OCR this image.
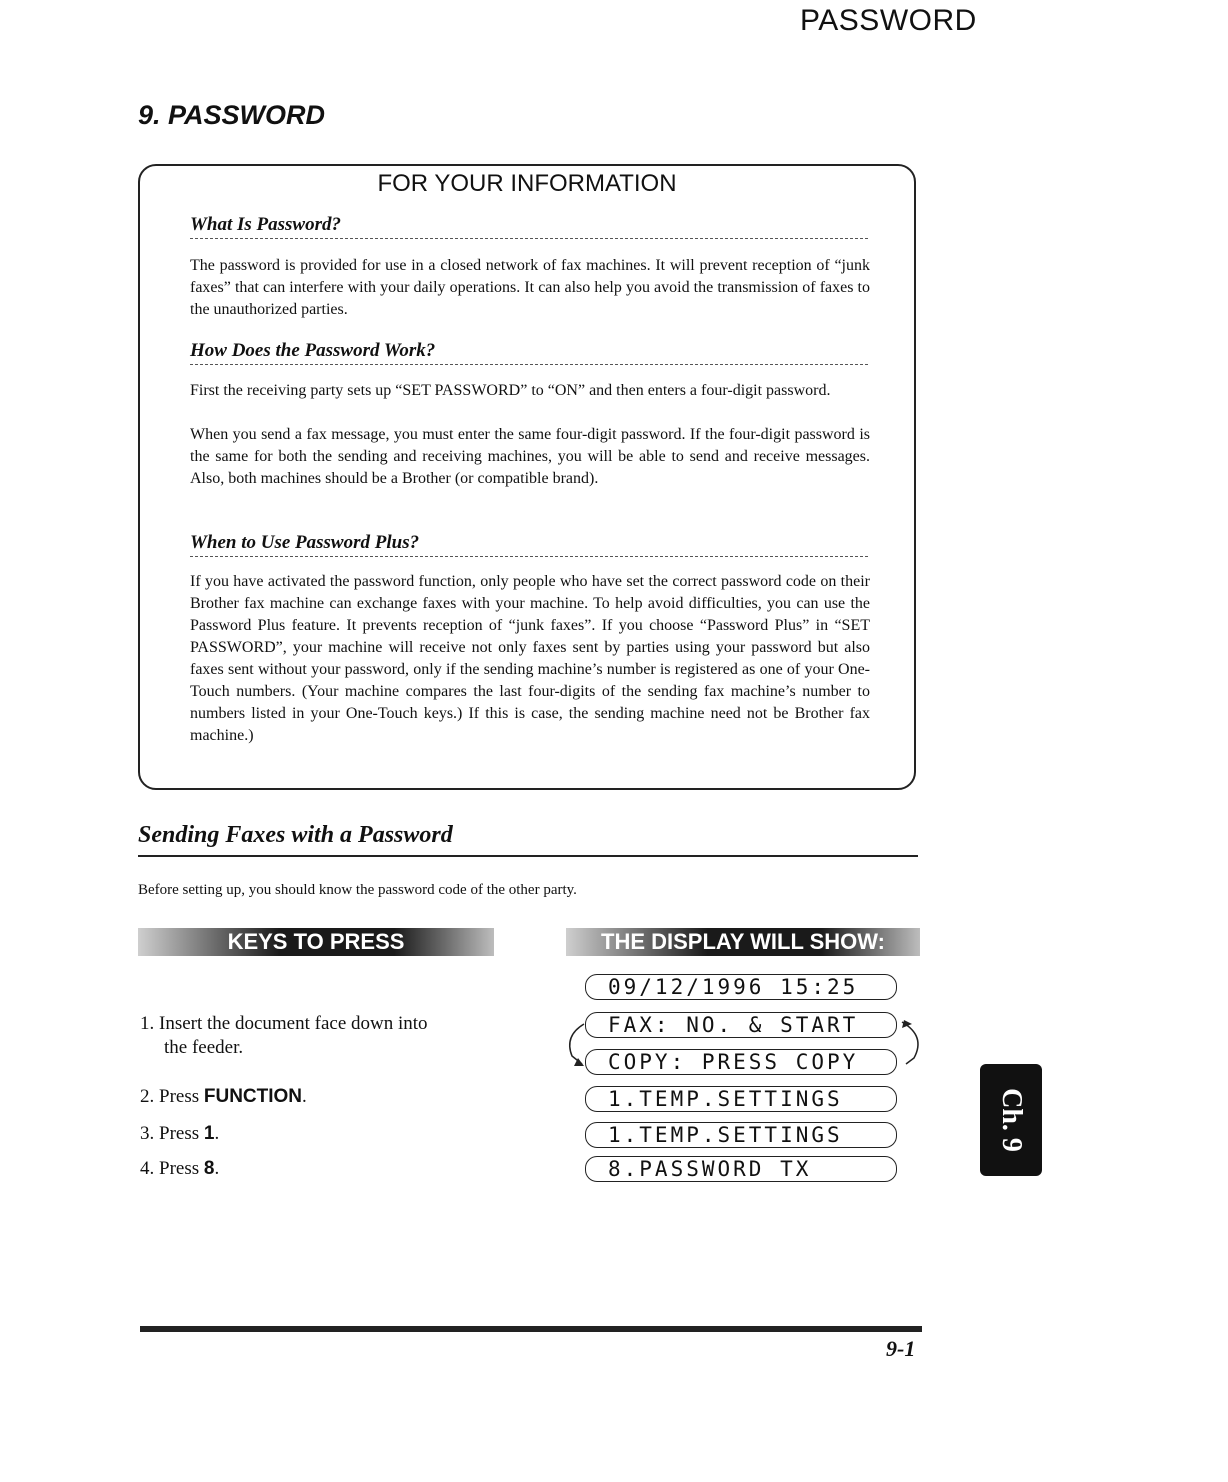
PASSWORD
9. PASSWORD
FOR YOUR INFORMATION
What Is Password?

The password is provided for use in a closed network of fax machines. It will prevent reception of “junk faxes” that can interfere with your daily operations. It can also help you avoid the transmission of faxes to the unauthorized parties.

How Does the Password Work?

First the receiving party sets up “SET PASSWORD” to “ON” and then enters a four-digit password.

When you send a fax message, you must enter the same four-digit password. If the four-digit password is the same for both the sending and receiving machines, you will be able to send and receive messages. Also, both machines should be a Brother (or compatible brand).

When to Use Password Plus?

If you have activated the password function, only people who have set the correct password code on their Brother fax machine can exchange faxes with your machine. To help avoid difficulties, you can use the Password Plus feature. It prevents reception of “junk faxes”. If you choose “Password Plus” in “SET PASSWORD”, your machine will receive not only faxes sent by parties using your password but also faxes sent without your password, only if the sending machine’s number is registered as one of your One-Touch numbers. (Your machine compares the last four-digits of the sending fax machine’s number to numbers listed in your One-Touch keys.) If this is case, the sending machine need not be Brother fax machine.)

Sending Faxes with a Password
Before setting up, you should know the password code of the other party.
KEYS TO PRESS	THE DISPLAY WILL SHOW:
1. Insert the document face down into
the feeder.
2. Press FUNCTION.
3. Press 1.
4. Press 8.
09/12/1996 15:25
FAX: NO. & START
COPY: PRESS COPY
1.TEMP.SETTINGS
1.TEMP.SETTINGS
8.PASSWORD TX
Ch. 9
9-1
